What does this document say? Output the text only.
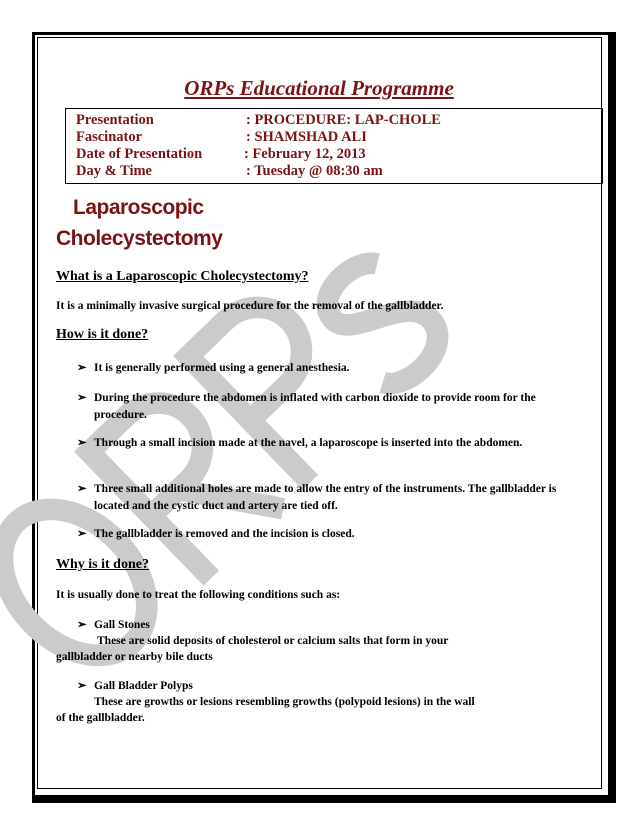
ORPs Educational Programme
Presentation	: PROCEDURE: LAP-CHOLE
Fascinator	: SHAMSHAD ALI
Date of Presentation	: February 12, 2013
Day & Time	: Tuesday @ 08:30 am
Laparoscopic
Cholecystectomy
What is a Laparoscopic Cholecystectomy?
It is a minimally invasive surgical procedure for the removal of the gallbladder.
How is it done?
➢ It is generally performed using a general anesthesia.
➢ During the procedure the abdomen is inflated with carbon dioxide to provide room for the procedure.
➢ Through a small incision made at the navel, a laparoscope is inserted into the abdomen.
➢ Three small additional holes are made to allow the entry of the instruments. The gallbladder is located and the cystic duct and artery are tied off.
➢ The gallbladder is removed and the incision is closed.
Why is it done?
It is usually done to treat the following conditions such as:
➢ Gall Stones
These are solid deposits of cholesterol or calcium salts that form in your
gallbladder or nearby bile ducts
➢ Gall Bladder Polyps
These are growths or lesions resembling growths (polypoid lesions) in the wall
of the gallbladder.
